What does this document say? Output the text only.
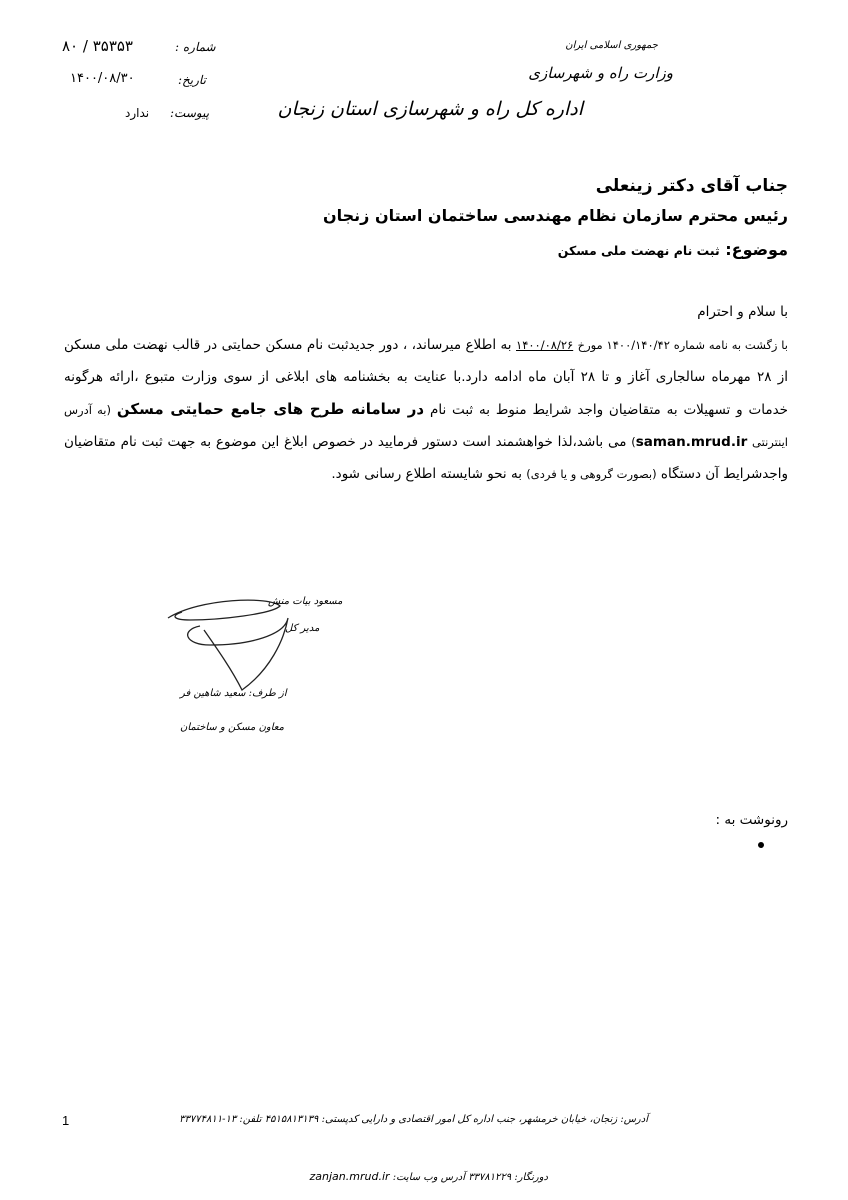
شماره :
۸۰ / ۳۵۳۵۳
تاریخ:
۱۴۰۰/۰۸/۳۰
پیوست:
ندارد
جمهوری اسلامی ایران
وزارت راه و شهرسازی
اداره کل راه و شهرسازی استان زنجان
جناب آقای دکتر زینعلی
رئیس محترم سازمان نظام مهندسی ساختمان استان زنجان
موضوع: ثبت نام نهضت ملی مسکن
با سلام و احترام
با زگشت به نامه شماره ۱۴۰۰/۱۴۰/۴۲ مورخ ۱۴۰۰/۰۸/۲۶ به اطلاع میرساند، ، دور جدیدثبت نام مسکن حمایتی در قالب نهضت ملی مسکن از ۲۸ مهرماه سالجاری آغاز و تا ۲۸ آبان ماه ادامه دارد.با عنایت به بخشنامه های ابلاغی از سوی وزارت متبوع ،ارائه هرگونه خدمات و تسهیلات به متقاضیان واجد شرایط منوط به ثبت نام در سامانه طرح های جامع حمایتی مسکن (به آدرس اینترنتی saman.mrud.ir) می باشد،لذا خواهشمند است دستور فرمایید در خصوص ابلاغ این موضوع به جهت ثبت نام متقاضیان واجدشرایط آن دستگاه (بصورت گروهی و یا فردی) به نحو شایسته اطلاع رسانی شود.
مسعود بیات منش
مدیر کل
از طرف: سعید شاهین فر
معاون مسکن و ساختمان
رونوشت به :
1	آدرس: زنجان، خیابان خرمشهر، جنب اداره کل امور اقتصادی و دارایی کدپستی: ۴۵۱۵۸۱۳۱۳۹ تلفن: ۱۳-۳۳۷۷۴۸۱۱
دورنگار: ۳۳۷۸۱۲۲۹ آدرس وب سایت: zanjan.mrud.ir
